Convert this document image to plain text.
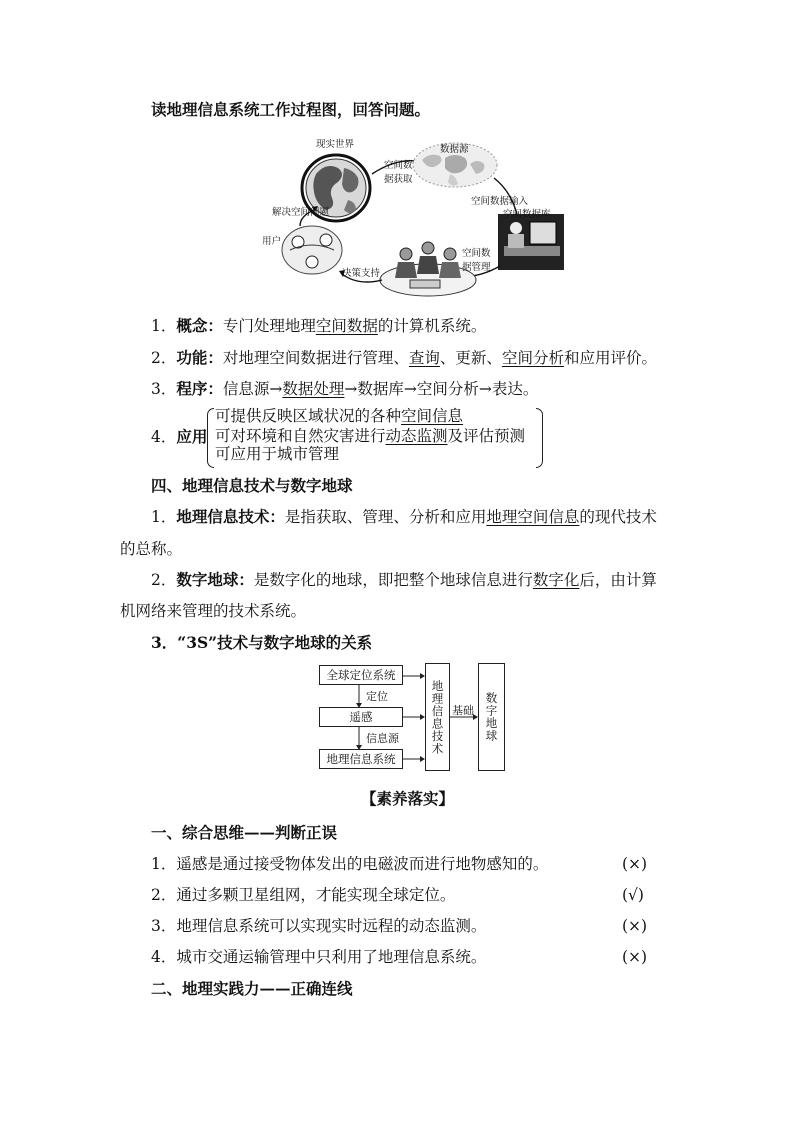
读地理信息系统工作过程图，回答问题。
现实世界
空间数
据获取
数据源
空间数据输入
空间数据库
解决空间问题
用户
决策支持
空间数
据管理
1．概念：专门处理地理空间数据的计算机系统。
2．功能：对地理空间数据进行管理、查询、更新、空间分析和应用评价。
3．程序：信息源→数据处理→数据库→空间分析→表达。
4．应用
可提供反映区域状况的各种空间信息
可对环境和自然灾害进行动态监测及评估预测
可应用于城市管理
四、地理信息技术与数字地球
1．地理信息技术：是指获取、管理、分析和应用地理空间信息的现代技术
的总称。
2．数字地球：是数字化的地球，即把整个地球信息进行数字化后，由计算
机网络来管理的技术系统。
3．“3S”技术与数字地球的关系
全球定位系统
遥感
地理信息系统
定位
信息源	地理信息技术 基础 数字地球
【素养落实】
一、综合思维——判断正误
1．遥感是通过接受物体发出的电磁波而进行地物感知的。	(×)
2．通过多颗卫星组网，才能实现全球定位。	(√)
3．地理信息系统可以实现实时远程的动态监测。	(×)
4．城市交通运输管理中只利用了地理信息系统。	(×)
二、地理实践力——正确连线
